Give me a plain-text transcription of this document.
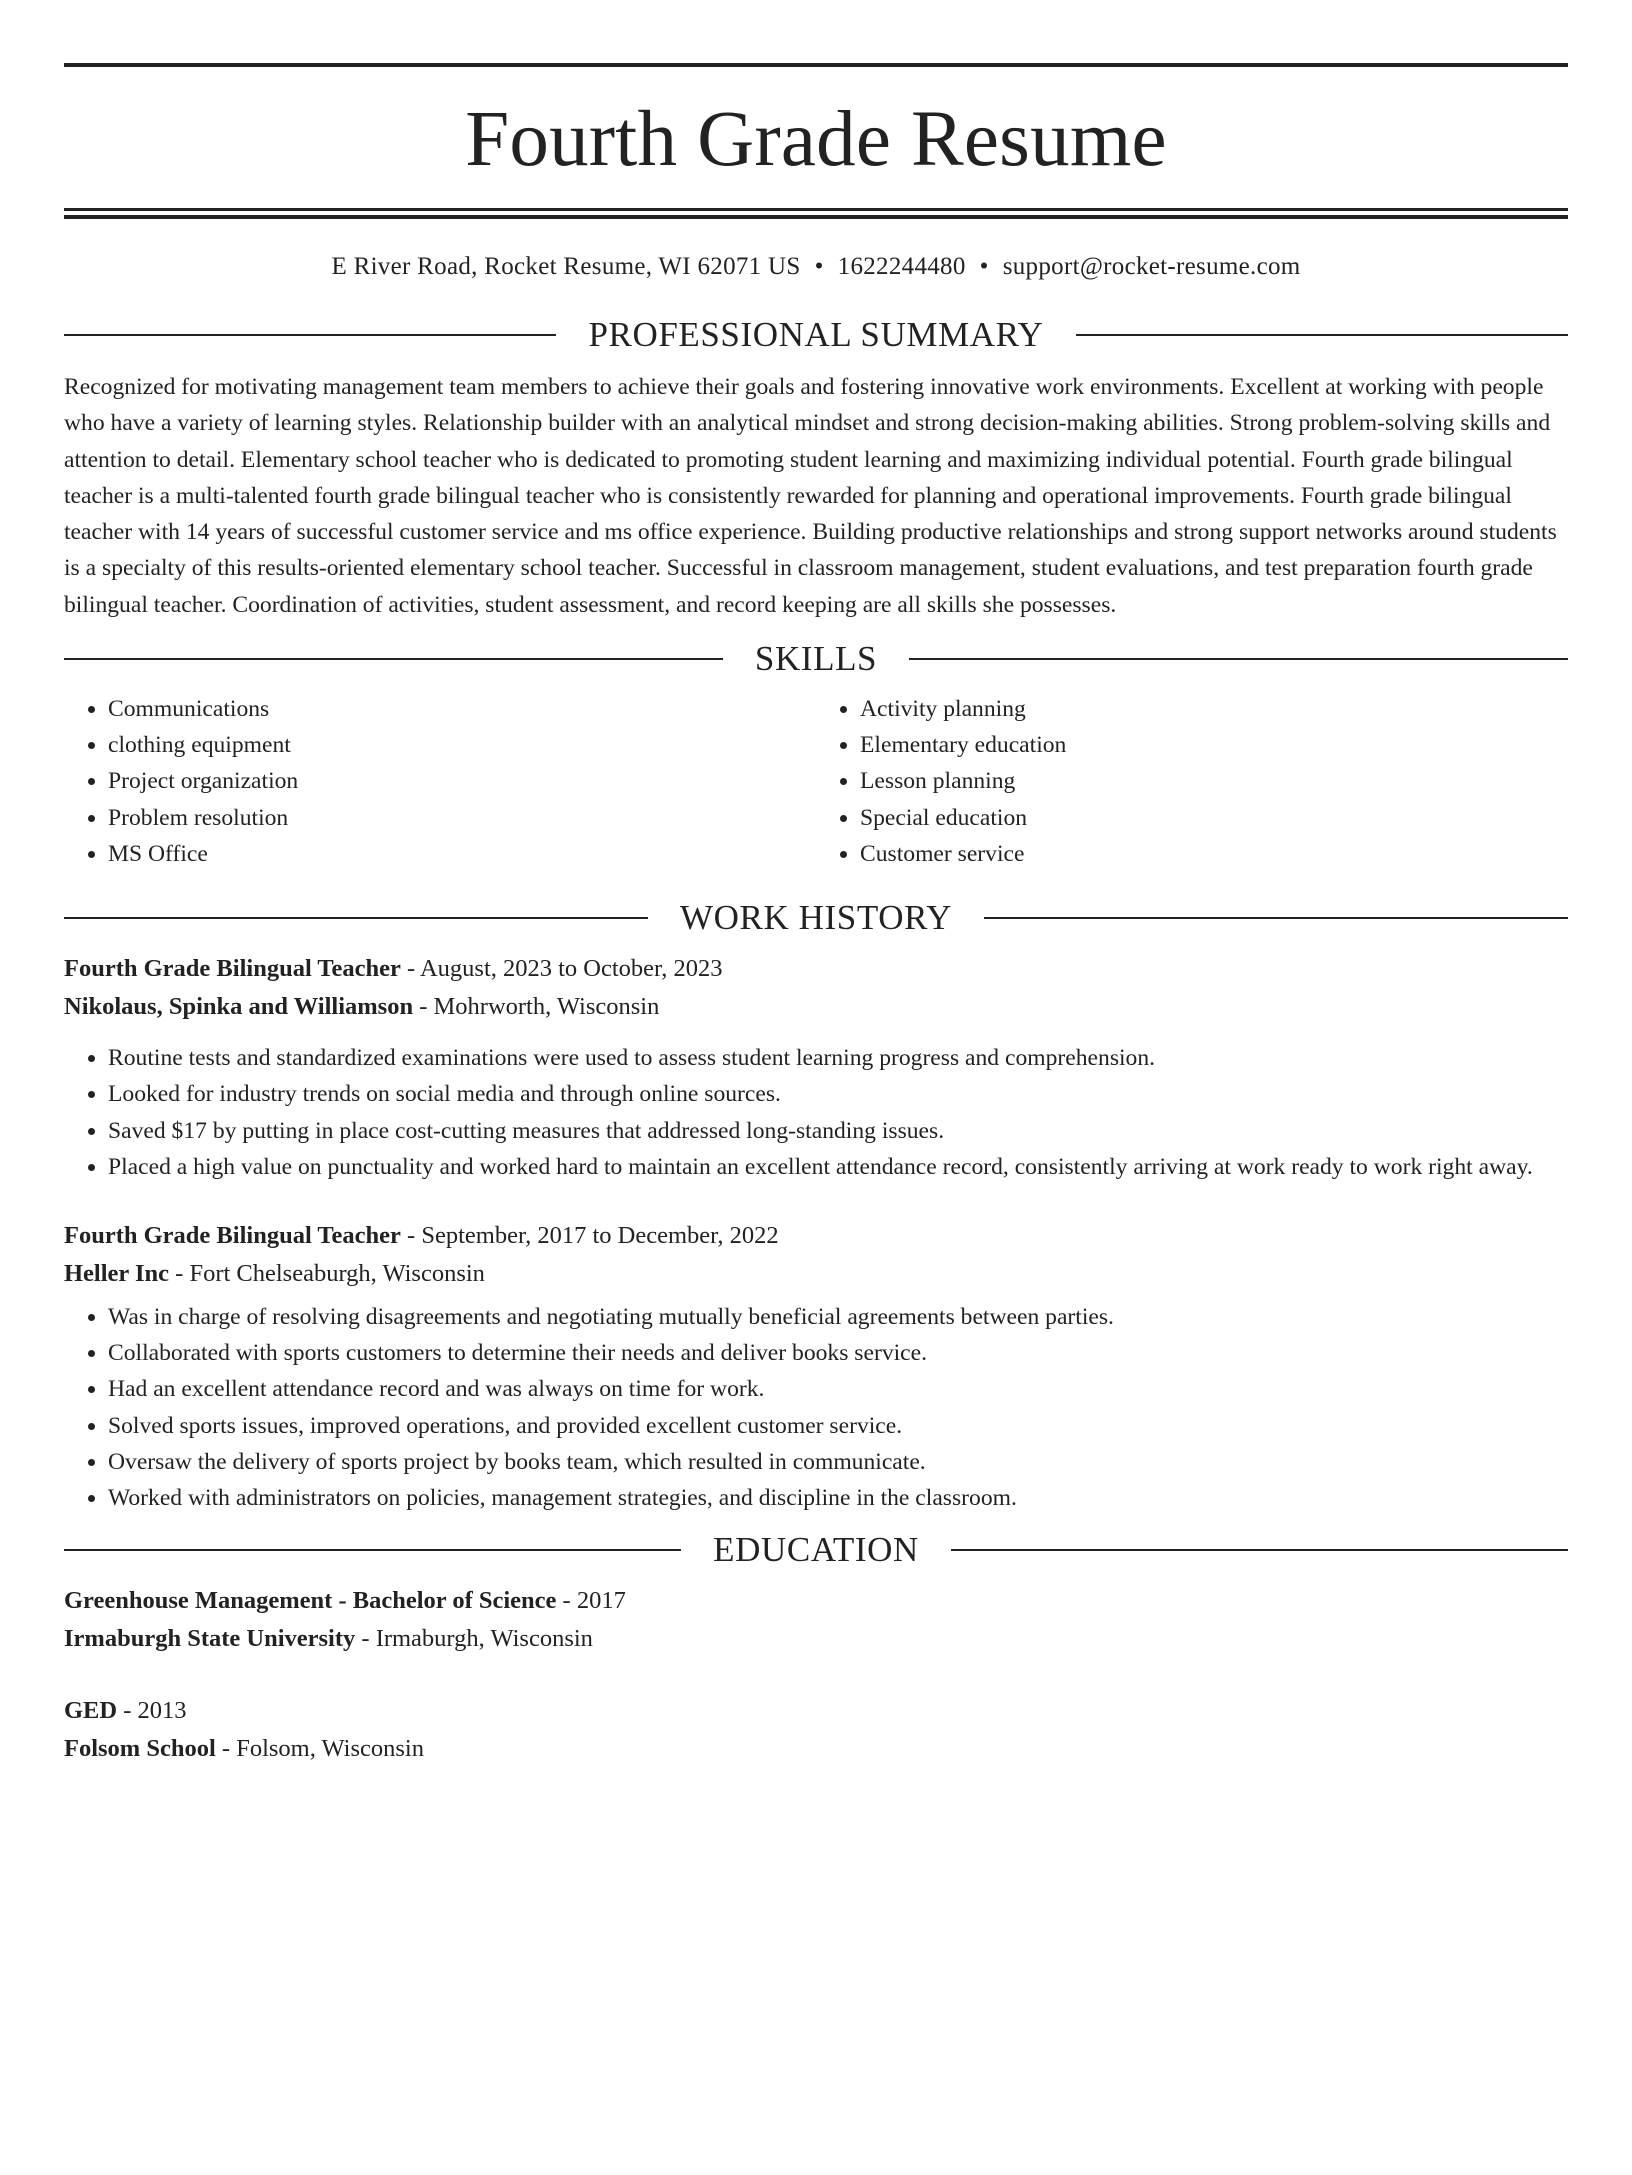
Fourth Grade Resume
E River Road, Rocket Resume, WI 62071 US • 1622244480 • support@rocket-resume.com
PROFESSIONAL SUMMARY
Recognized for motivating management team members to achieve their goals and fostering innovative work environments. Excellent at working with people who have a variety of learning styles. Relationship builder with an analytical mindset and strong decision-making abilities. Strong problem-solving skills and attention to detail. Elementary school teacher who is dedicated to promoting student learning and maximizing individual potential. Fourth grade bilingual teacher is a multi-talented fourth grade bilingual teacher who is consistently rewarded for planning and operational improvements. Fourth grade bilingual teacher with 14 years of successful customer service and ms office experience. Building productive relationships and strong support networks around students is a specialty of this results-oriented elementary school teacher. Successful in classroom management, student evaluations, and test preparation fourth grade bilingual teacher. Coordination of activities, student assessment, and record keeping are all skills she possesses.
SKILLS
• Communications
• clothing equipment
• Project organization
• Problem resolution
• MS Office
• Activity planning
• Elementary education
• Lesson planning
• Special education
• Customer service
WORK HISTORY
Fourth Grade Bilingual Teacher - August, 2023 to October, 2023
Nikolaus, Spinka and Williamson - Mohrworth, Wisconsin
• Routine tests and standardized examinations were used to assess student learning progress and comprehension.
• Looked for industry trends on social media and through online sources.
• Saved $17 by putting in place cost-cutting measures that addressed long-standing issues.
• Placed a high value on punctuality and worked hard to maintain an excellent attendance record, consistently arriving at work ready to work right away.
Fourth Grade Bilingual Teacher - September, 2017 to December, 2022
Heller Inc - Fort Chelseaburgh, Wisconsin
• Was in charge of resolving disagreements and negotiating mutually beneficial agreements between parties.
• Collaborated with sports customers to determine their needs and deliver books service.
• Had an excellent attendance record and was always on time for work.
• Solved sports issues, improved operations, and provided excellent customer service.
• Oversaw the delivery of sports project by books team, which resulted in communicate.
• Worked with administrators on policies, management strategies, and discipline in the classroom.
EDUCATION
Greenhouse Management - Bachelor of Science - 2017
Irmaburgh State University - Irmaburgh, Wisconsin
GED - 2013
Folsom School - Folsom, Wisconsin
